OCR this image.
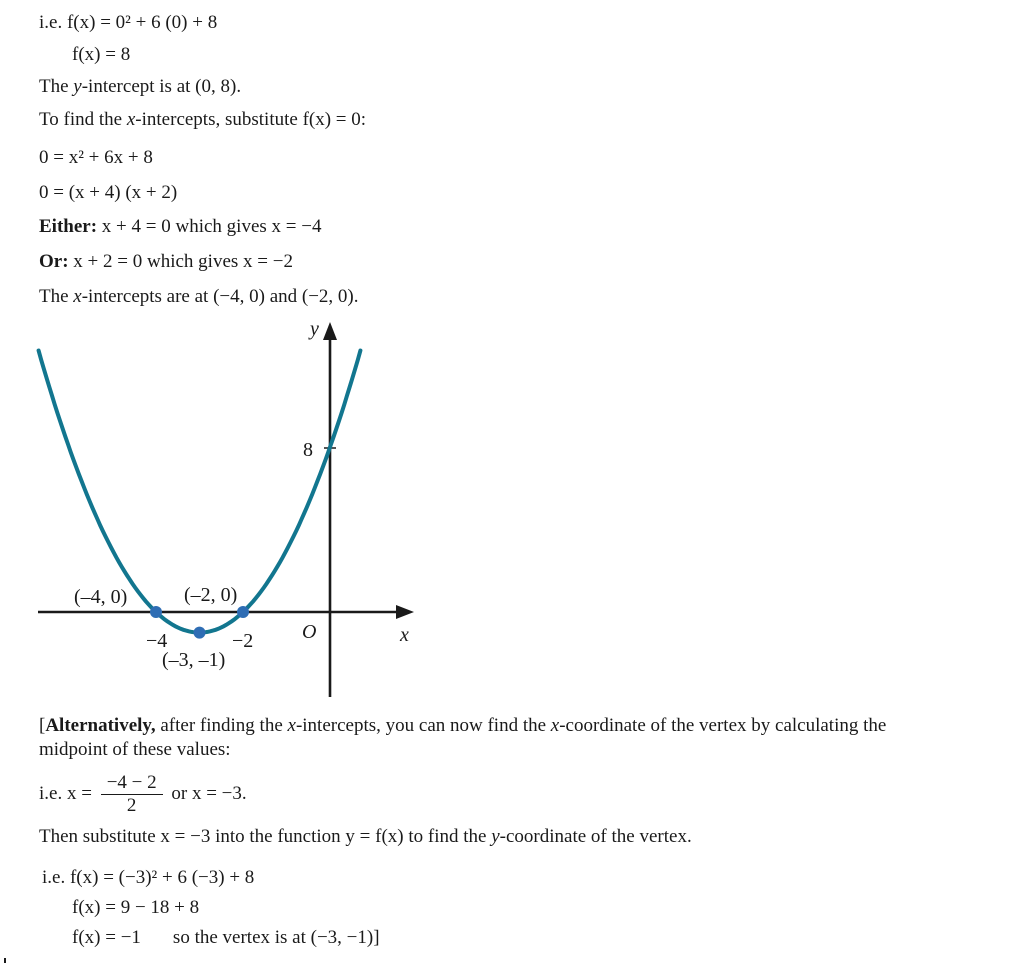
i.e. f(x) = 0² + 6 (0) + 8
f(x) = 8
The y-intercept is at (0, 8).
To find the x-intercepts, substitute f(x) = 0:
0 = x² + 6x + 8
0 = (x + 4) (x + 2)
Either: x + 4 = 0 which gives x = −4
Or: x + 2 = 0 which gives x = −2
The x-intercepts are at (−4, 0) and (−2, 0).
y
x
O
8
−4	−2
(–4, 0)	(–2, 0)
(–3, –1)
[Alternatively, after finding the x-intercepts, you can now find the x-coordinate of the vertex by calculating the
midpoint of these values:
i.e. $x = \frac{-4 - 2}{2}$ or x = −3.
Then substitute x = −3 into the function y = f(x) to find the y-coordinate of the vertex.
i.e. f(x) = (−3)² + 6 (−3) + 8
f(x) = 9 − 18 + 8
f(x) = −1 so the vertex is at (−3, −1)]
